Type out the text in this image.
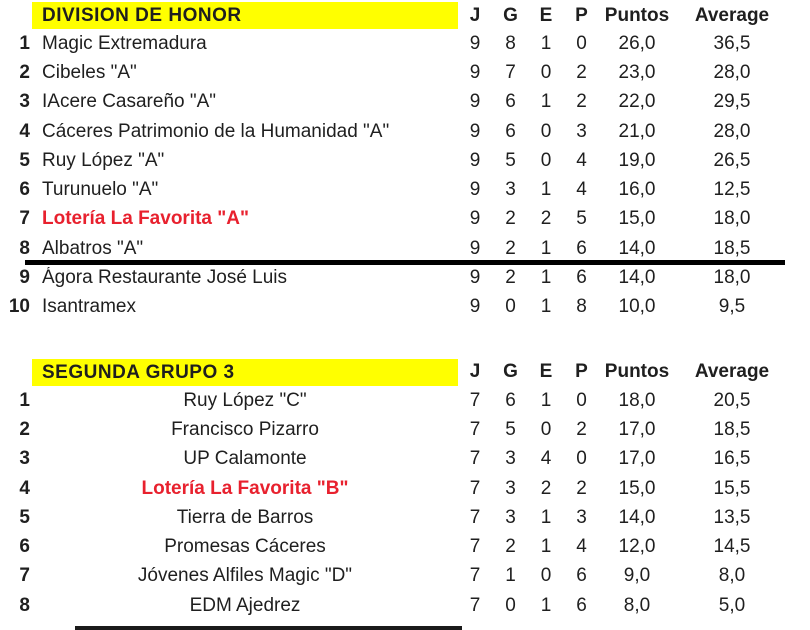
DIVISION DE HONOR	J	G	E	P Puntos	Average
1 Magic Extremadura	9	8	1	0	26,0	36,5
2 Cibeles "A"	9	7	0	2	23,0	28,0
3 IAcere Casareño "A"	9	6	1	2	22,0	29,5
4 Cáceres Patrimonio de la Humanidad "A"	9	6	0	3	21,0	28,0
5 Ruy López "A"	9	5	0	4	19,0	26,5
6 Turunuelo "A"	9	3	1	4	16,0	12,5
7 Lotería La Favorita "A"	9	2	2	5	15,0	18,0
8 Albatros "A"	9	2	1	6	14,0	18,5
9 Ágora Restaurante José Luis	9	2	1	6	14,0	18,0
10 Isantramex	9	0	1	8	10,0	9,5
SEGUNDA GRUPO 3	J	G	E	P Puntos	Average
1	Ruy López "C"	7	6	1	0	18,0	20,5
2	Francisco Pizarro	7	5	0	2	17,0	18,5
3	UP Calamonte	7	3	4	0	17,0	16,5
4	Lotería La Favorita "B"	7	3	2	2	15,0	15,5
5	Tierra de Barros	7	3	1	3	14,0	13,5
6	Promesas Cáceres	7	2	1	4	12,0	14,5
7	Jóvenes Alfiles Magic "D"	7	1	0	6	9,0	8,0
8	EDM Ajedrez	7	0	1	6	8,0	5,0
